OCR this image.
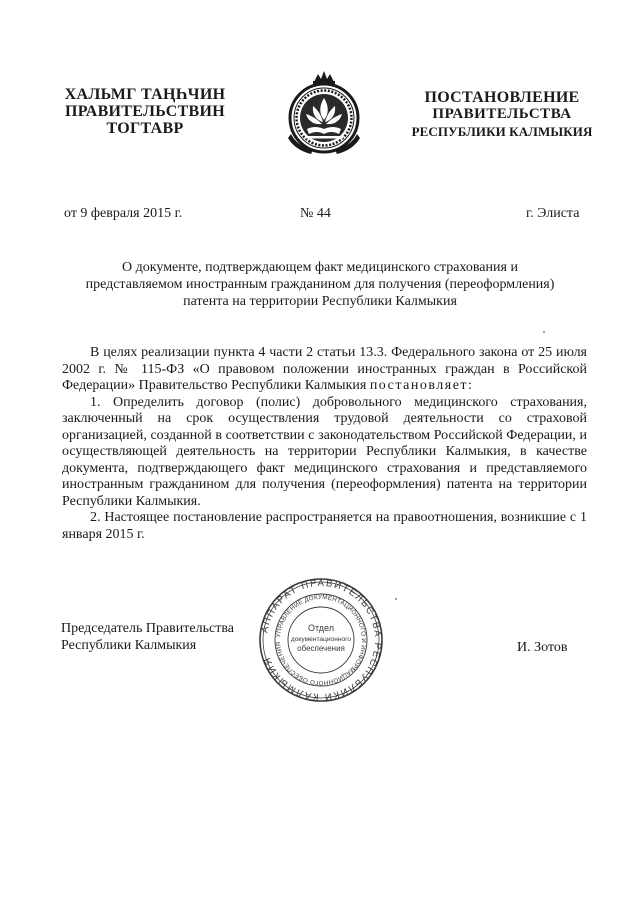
ХАЛЬМГ ТАҢҺЧИН
ПРАВИТЕЛЬСТВИН
ТОГТАВР
ПОСТАНОВЛЕНИЕ
ПРАВИТЕЛЬСТВА
РЕСПУБЛИКИ КАЛМЫКИЯ
от 9 февраля 2015 г.	№ 44	г. Элиста
О документе, подтверждающем факт медицинского страхования и
представляемом иностранным гражданином для получения (переоформления)
патента на территории Республики Калмыкия

В целях реализации пункта 4 части 2 статьи 13.3. Федерального закона от 25 июля 2002 г. № 115-ФЗ «О правовом положении иностранных граждан в Российской Федерации» Правительство Республики Калмыкия постановляет:

1. Определить договор (полис) добровольного медицинского страхования, заключенный на срок осуществления трудовой деятельности со страховой организацией, созданной в соответствии с законодательством Российской Федерации, и осуществляющей деятельность на территории Республики Калмыкия, в качестве документа, подтверждающего факт медицинского страхования и представляемого иностранным гражданином для получения (переоформления) патента на территории Республики Калмыкия.

2. Настоящее постановление распространяется на правоотношения, возникшие с 1 января 2015 г.

Председатель Правительства
Республики Калмыкия	И. Зотов
АППАРАТ ПРАВИТЕЛЬСТВА РЕСПУБЛИКИ КАЛМЫКИЯ
УПРАВЛЕНИЕ ДОКУМЕНТАЦИОННОГО И ИНФОРМАЦИОННОГО ОБЕСПЕЧЕНИЯ
Отдел
документационного
обеспечения
